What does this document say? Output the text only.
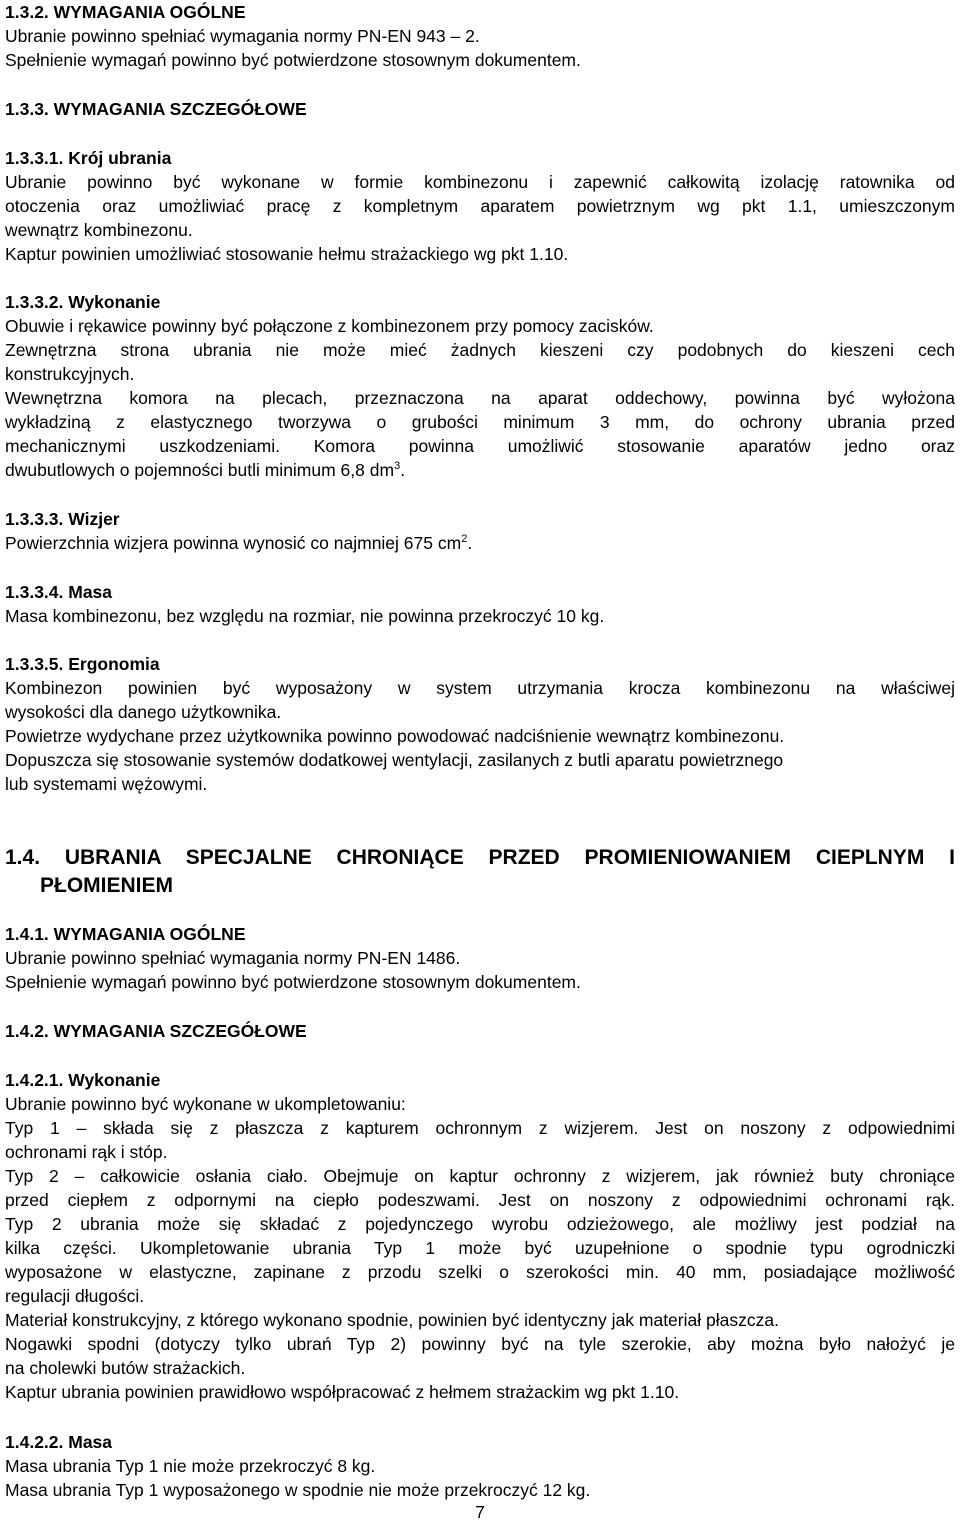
1.3.2. WYMAGANIA OGÓLNE
Ubranie powinno spełniać wymagania normy PN-EN 943 – 2.
Spełnienie wymagań powinno być potwierdzone stosownym dokumentem.
1.3.3. WYMAGANIA SZCZEGÓŁOWE
1.3.3.1. Krój ubrania
Ubranie powinno być wykonane w formie kombinezonu i zapewnić całkowitą izolację ratownika od
otoczenia oraz umożliwiać pracę z kompletnym aparatem powietrznym wg pkt 1.1, umieszczonym
wewnątrz kombinezonu.
Kaptur powinien umożliwiać stosowanie hełmu strażackiego wg pkt 1.10.
1.3.3.2. Wykonanie
Obuwie i rękawice powinny być połączone z kombinezonem przy pomocy zacisków.
Zewnętrzna strona ubrania nie może mieć żadnych kieszeni czy podobnych do kieszeni cech
konstrukcyjnych.
Wewnętrzna komora na plecach, przeznaczona na aparat oddechowy, powinna być wyłożona
wykładziną z elastycznego tworzywa o grubości minimum 3 mm, do ochrony ubrania przed
mechanicznymi uszkodzeniami. Komora powinna umożliwić stosowanie aparatów jedno oraz
dwubutlowych o pojemności butli minimum 6,8 $dm^3$.
1.3.3.3. Wizjer
Powierzchnia wizjera powinna wynosić co najmniej 675 $cm^2$.
1.3.3.4. Masa
Masa kombinezonu, bez względu na rozmiar, nie powinna przekroczyć 10 kg.
1.3.3.5. Ergonomia
Kombinezon powinien być wyposażony w system utrzymania krocza kombinezonu na właściwej
wysokości dla danego użytkownika.
Powietrze wydychane przez użytkownika powinno powodować nadciśnienie wewnątrz kombinezonu.
Dopuszcza się stosowanie systemów dodatkowej wentylacji, zasilanych z butli aparatu powietrznego
lub systemami wężowymi.
1.4. UBRANIA SPECJALNE CHRONIĄCE PRZED PROMIENIOWANIEM CIEPLNYM I
PŁOMIENIEM
1.4.1. WYMAGANIA OGÓLNE
Ubranie powinno spełniać wymagania normy PN-EN 1486.
Spełnienie wymagań powinno być potwierdzone stosownym dokumentem.
1.4.2. WYMAGANIA SZCZEGÓŁOWE
1.4.2.1. Wykonanie
Ubranie powinno być wykonane w ukompletowaniu:
Typ 1 – składa się z płaszcza z kapturem ochronnym z wizjerem. Jest on noszony z odpowiednimi
ochronami rąk i stóp.
Typ 2 – całkowicie osłania ciało. Obejmuje on kaptur ochronny z wizjerem, jak również buty chroniące
przed ciepłem z odpornymi na ciepło podeszwami. Jest on noszony z odpowiednimi ochronami rąk.
Typ 2 ubrania może się składać z pojedynczego wyrobu odzieżowego, ale możliwy jest podział na
kilka części. Ukompletowanie ubrania Typ 1 może być uzupełnione o spodnie typu ogrodniczki
wyposażone w elastyczne, zapinane z przodu szelki o szerokości min. 40 mm, posiadające możliwość
regulacji długości.
Materiał konstrukcyjny, z którego wykonano spodnie, powinien być identyczny jak materiał płaszcza.
Nogawki spodni (dotyczy tylko ubrań Typ 2) powinny być na tyle szerokie, aby można było nałożyć je
na cholewki butów strażackich.
Kaptur ubrania powinien prawidłowo współpracować z hełmem strażackim wg pkt 1.10.
1.4.2.2. Masa
Masa ubrania Typ 1 nie może przekroczyć 8 kg.
Masa ubrania Typ 1 wyposażonego w spodnie nie może przekroczyć 12 kg.
7
